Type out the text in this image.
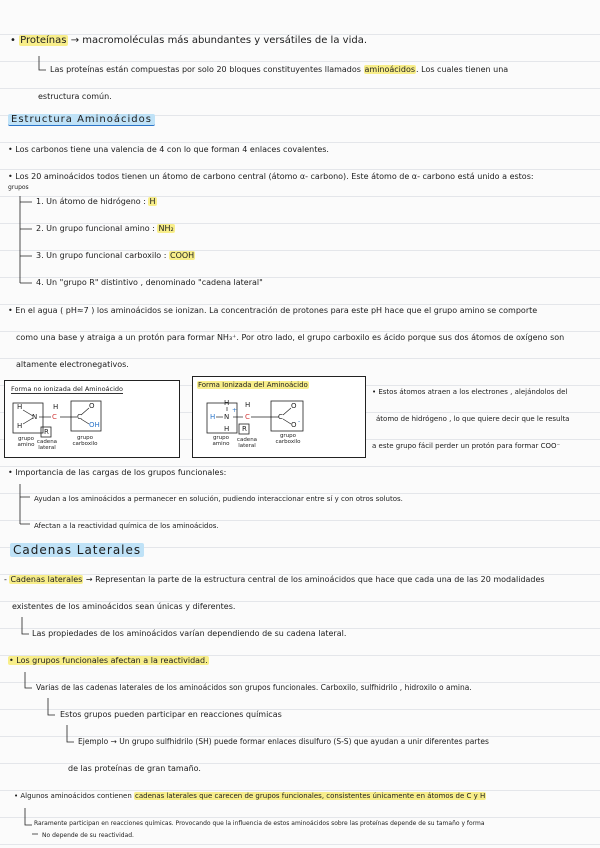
• Proteínas → macromoléculas más abundantes y versátiles de la vida.
Las proteínas están compuestas por solo 20 bloques constituyentes llamados aminoácidos. Los cuales tienen una
estructura común.
Estructura Aminoácidos
• Los carbonos tiene una valencia de 4 con lo que forman 4 enlaces covalentes.
• Los 20 aminoácidos todos tienen un átomo de carbono central (átomo α- carbono). Este átomo de α- carbono está unido a estos:
grupos
1. Un átomo de hidrógeno : H
2. Un grupo funcional amino : NH₂
3. Un grupo funcional carboxilo : COOH
4. Un "grupo R" distintivo , denominado "cadena lateral"
• En el agua ( pH≈7 ) los aminoácidos se ionizan. La concentración de protones para este pH hace que el grupo amino se comporte
como una base y atraiga a un protón para formar NH₃⁺. Por otro lado, el grupo carboxilo es ácido porque sus dos átomos de oxígeno son
altamente electronegativos.
Forma no ionizada del Aminoácido
H
N
H
H
C
R
C
O
OH
grupo amino cadena lateral
grupo carboxilo
Forma Ionizada del Aminoácido
H
H
H
N
+
C
H
R
C
O
O -
grupo amino
cadena lateral
grupo carboxilo
• Estos átomos atraen a los electrones , alejándolos del
átomo de hidrógeno , lo que quiere decir que le resulta
a este grupo fácil perder un protón para formar COO⁻
• Importancia de las cargas de los grupos funcionales:
Ayudan a los aminoácidos a permanecer en solución, pudiendo interaccionar entre sí y con otros solutos.
Afectan a la reactividad química de los aminoácidos.
Cadenas Laterales
- Cadenas laterales → Representan la parte de la estructura central de los aminoácidos que hace que cada una de las 20 modalidades
existentes de los aminoácidos sean únicas y diferentes.
Las propiedades de los aminoácidos varían dependiendo de su cadena lateral.
• Los grupos funcionales afectan a la reactividad.
Varias de las cadenas laterales de los aminoácidos son grupos funcionales. Carboxilo, sulfhidrilo , hidroxilo o amina.
Estos grupos pueden participar en reacciones químicas
Ejemplo → Un grupo sulfhidrilo (SH) puede formar enlaces disulfuro (S-S) que ayudan a unir diferentes partes
de las proteínas de gran tamaño.
• Algunos aminoácidos contienen cadenas laterales que carecen de grupos funcionales, consistentes únicamente en átomos de C y H
Raramente participan en reacciones químicas. Provocando que la influencia de estos aminoácidos sobre las proteínas depende de su tamaño y forma
No depende de su reactividad.
